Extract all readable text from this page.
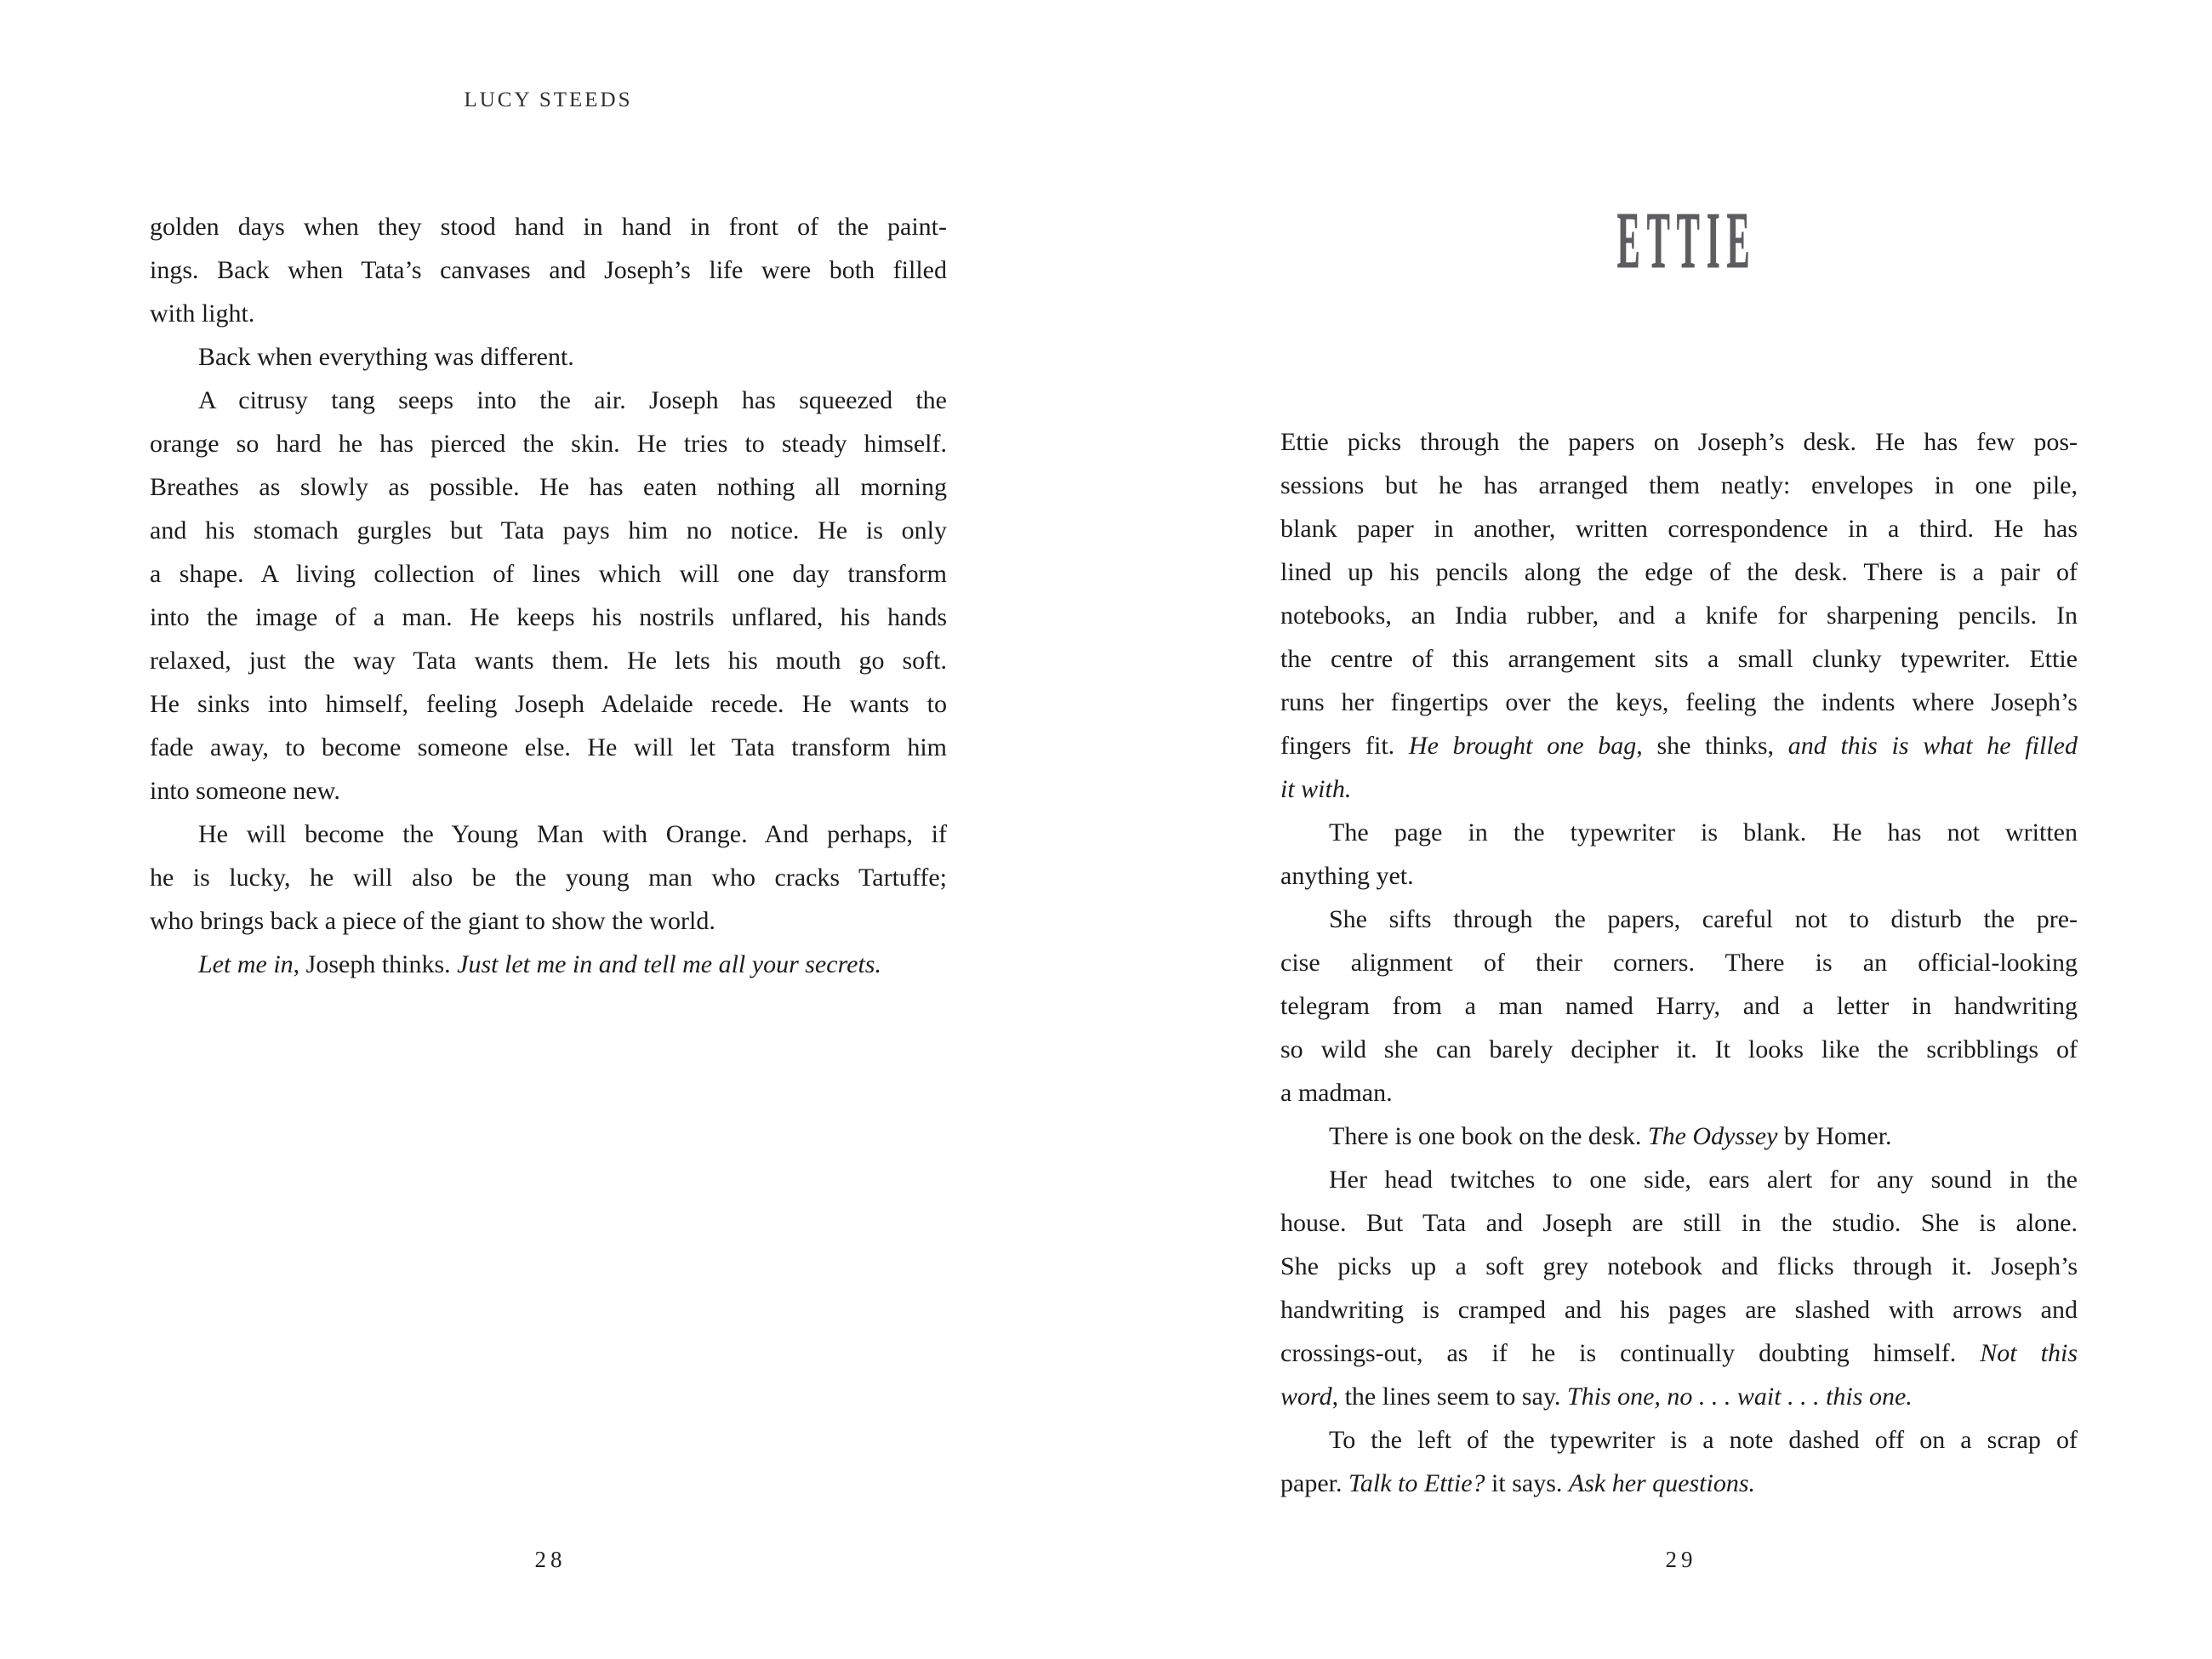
LUCY STEEDS
golden days when they stood hand in hand in front of the paint-
ings. Back when Tata’s canvases and Joseph’s life were both filled
with light.
Back when everything was different.
A citrusy tang seeps into the air. Joseph has squeezed the
orange so hard he has pierced the skin. He tries to steady himself.
Breathes as slowly as possible. He has eaten nothing all morning
and his stomach gurgles but Tata pays him no notice. He is only
a shape. A living collection of lines which will one day transform
into the image of a man. He keeps his nostrils unflared, his hands
relaxed, just the way Tata wants them. He lets his mouth go soft.
He sinks into himself, feeling Joseph Adelaide recede. He wants to
fade away, to become someone else. He will let Tata transform him
into someone new.
He will become the Young Man with Orange. And perhaps, if
he is lucky, he will also be the young man who cracks Tartuffe;
who brings back a piece of the giant to show the world.
Let me in, Joseph thinks. Just let me in and tell me all your secrets.
28
ETTIE
Ettie picks through the papers on Joseph’s desk. He has few pos-
sessions but he has arranged them neatly: envelopes in one pile,
blank paper in another, written correspondence in a third. He has
lined up his pencils along the edge of the desk. There is a pair of
notebooks, an India rubber, and a knife for sharpening pencils. In
the centre of this arrangement sits a small clunky typewriter. Ettie
runs her fingertips over the keys, feeling the indents where Joseph’s
fingers fit. He brought one bag, she thinks, and this is what he filled
it with.
The page in the typewriter is blank. He has not written
anything yet.
She sifts through the papers, careful not to disturb the pre-
cise alignment of their corners. There is an official-looking
telegram from a man named Harry, and a letter in handwriting
so wild she can barely decipher it. It looks like the scribblings of
a madman.
There is one book on the desk. The Odyssey by Homer.
Her head twitches to one side, ears alert for any sound in the
house. But Tata and Joseph are still in the studio. She is alone.
She picks up a soft grey notebook and flicks through it. Joseph’s
handwriting is cramped and his pages are slashed with arrows and
crossings-out, as if he is continually doubting himself. Not this
word, the lines seem to say. This one, no . . . wait . . . this one.
To the left of the typewriter is a note dashed off on a scrap of
paper. Talk to Ettie? it says. Ask her questions.
29
